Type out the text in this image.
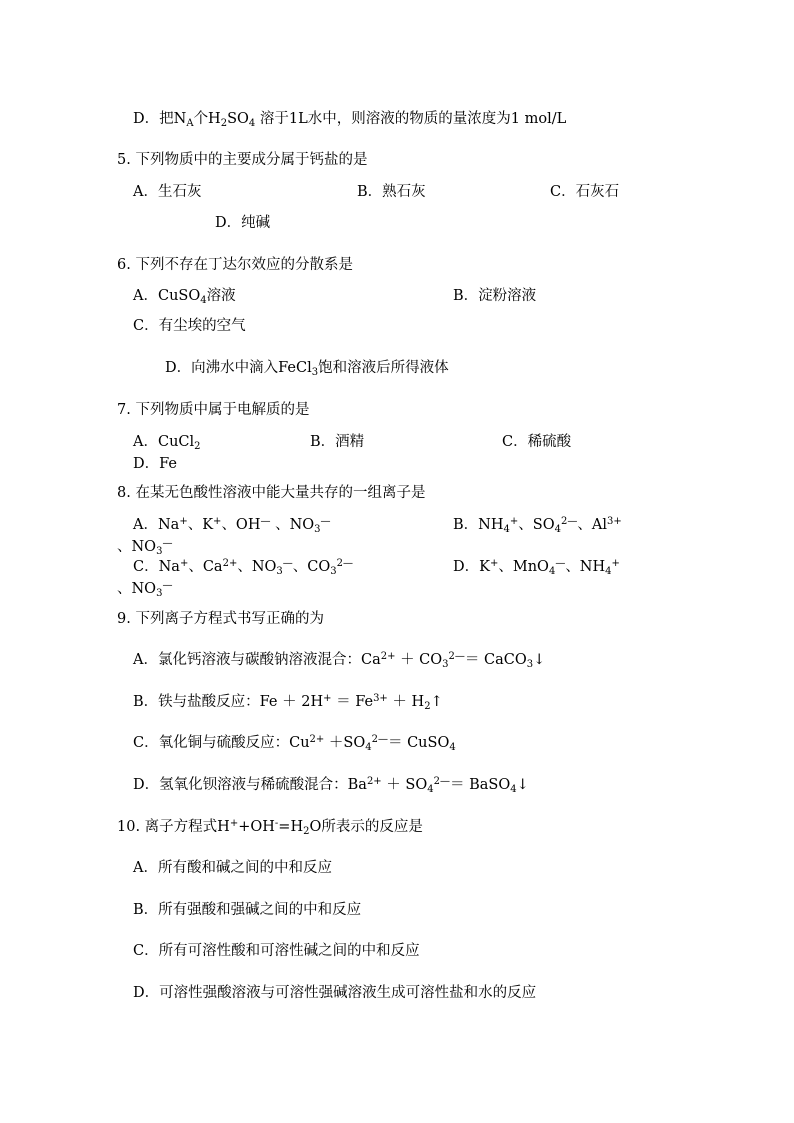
D．把$N_A$个$H_2SO_4$ 溶于1L水中，则溶液的物质的量浓度为1 mol/L
5. 下列物质中的主要成分属于钙盐的是
A．生石灰	B．熟石灰	C．石灰石
D．纯碱
6. 下列不存在丁达尔效应的分散系是
A．CuSO$_4$溶液	B．淀粉溶液
C．有尘埃的空气
D．向沸水中滴入FeCl$_3$饱和溶液后所得液体
7. 下列物质中属于电解质的是
A．CuCl$_2$	B．酒精	C．稀硫酸
D．Fe
8. 在某无色酸性溶液中能大量共存的一组离子是
A．Na+、K+、OH— 、$NO_3^—$	B．$NH_4^+$、$SO_4^{2—}$、$Al^{3+}$
、$NO_3^—$
C．Na+、$Ca^{2+}$、$NO_3^—$、$CO_3^{2—}$	D．K+、MnO$_4$—、$NH_4^+$
、$NO_3^—$
9. 下列离子方程式书写正确的为
A．氯化钙溶液与碳酸钠溶液混合：$Ca^{2+} + CO_3^{2—}=$ CaCO$_3$↓
B．铁与盐酸反应：$Fe + 2H^+ = Fe^{3+}$ ＋ $H_2↑$
C．氧化铜与硫酸反应：$Cu^{2+} +SO_4^{2—}=$ CuSO$_4$
D．氢氧化钡溶液与稀硫酸混合：$Ba^{2+} + SO_4^{2—}=$ BaSO$_4$↓
10. 离子方程式$H^++OH^-=H_2O$所表示的反应是
A．所有酸和碱之间的中和反应
B．所有强酸和强碱之间的中和反应
C．所有可溶性酸和可溶性碱之间的中和反应
D．可溶性强酸溶液与可溶性强碱溶液生成可溶性盐和水的反应
